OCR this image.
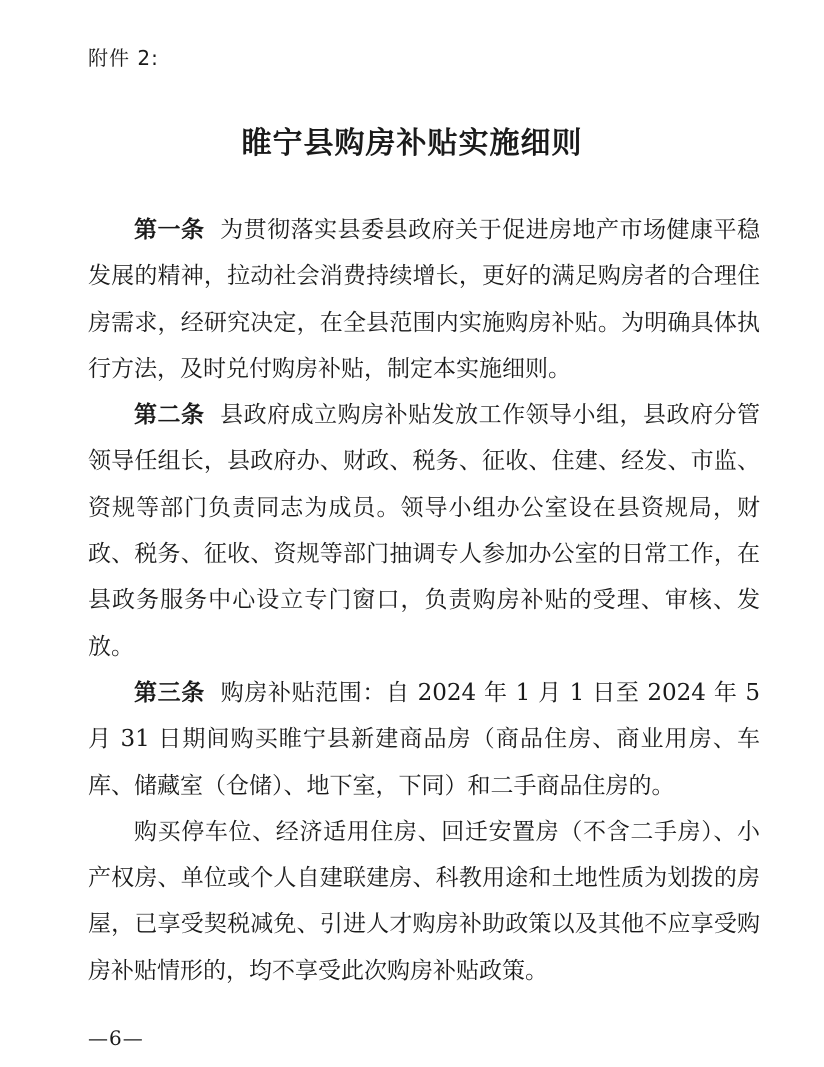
附件 2:
睢宁县购房补贴实施细则

第一条 为贯彻落实县委县政府关于促进房地产市场健康平稳发展的精神，拉动社会消费持续增长，更好的满足购房者的合理住房需求，经研究决定，在全县范围内实施购房补贴。为明确具体执行方法，及时兑付购房补贴，制定本实施细则。

第二条 县政府成立购房补贴发放工作领导小组，县政府分管领导任组长，县政府办、财政、税务、征收、住建、经发、市监、资规等部门负责同志为成员。领导小组办公室设在县资规局，财政、税务、征收、资规等部门抽调专人参加办公室的日常工作，在县政务服务中心设立专门窗口，负责购房补贴的受理、审核、发放。

第三条 购房补贴范围：自 2024 年 1 月 1 日至 2024 年 5 月 31 日期间购买睢宁县新建商品房（商品住房、商业用房、车库、储藏室（仓储）、地下室，下同）和二手商品住房的。

购买停车位、经济适用住房、回迁安置房（不含二手房）、小产权房、单位或个人自建联建房、科教用途和土地性质为划拨的房屋，已享受契税减免、引进人才购房补助政策以及其他不应享受购房补贴情形的，均不享受此次购房补贴政策。

—6—
